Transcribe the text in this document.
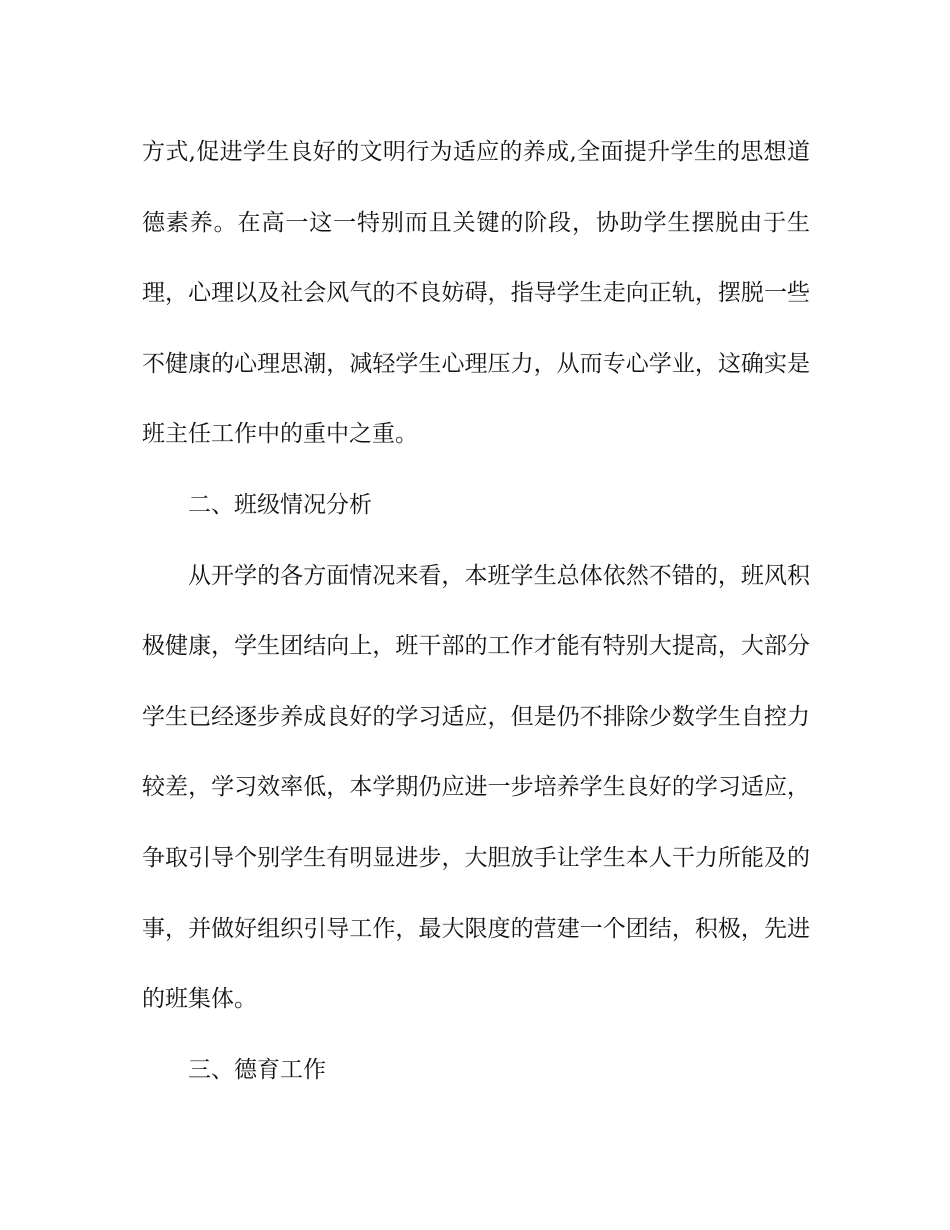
方式,促进学生良好的文明行为适应的养成,全面提升学生的思想道德素养。在高一这一特别而且关键的阶段，协助学生摆脱由于生理，心理以及社会风气的不良妨碍，指导学生走向正轨，摆脱一些不健康的心理思潮，减轻学生心理压力，从而专心学业，这确实是班主任工作中的重中之重。

二、班级情况分析

从开学的各方面情况来看，本班学生总体依然不错的，班风积极健康，学生团结向上，班干部的工作才能有特别大提高，大部分学生已经逐步养成良好的学习适应，但是仍不排除少数学生自控力较差，学习效率低，本学期仍应进一步培养学生良好的学习适应，争取引导个别学生有明显进步，大胆放手让学生本人干力所能及的事，并做好组织引导工作，最大限度的营建一个团结，积极，先进的班集体。

三、德育工作
